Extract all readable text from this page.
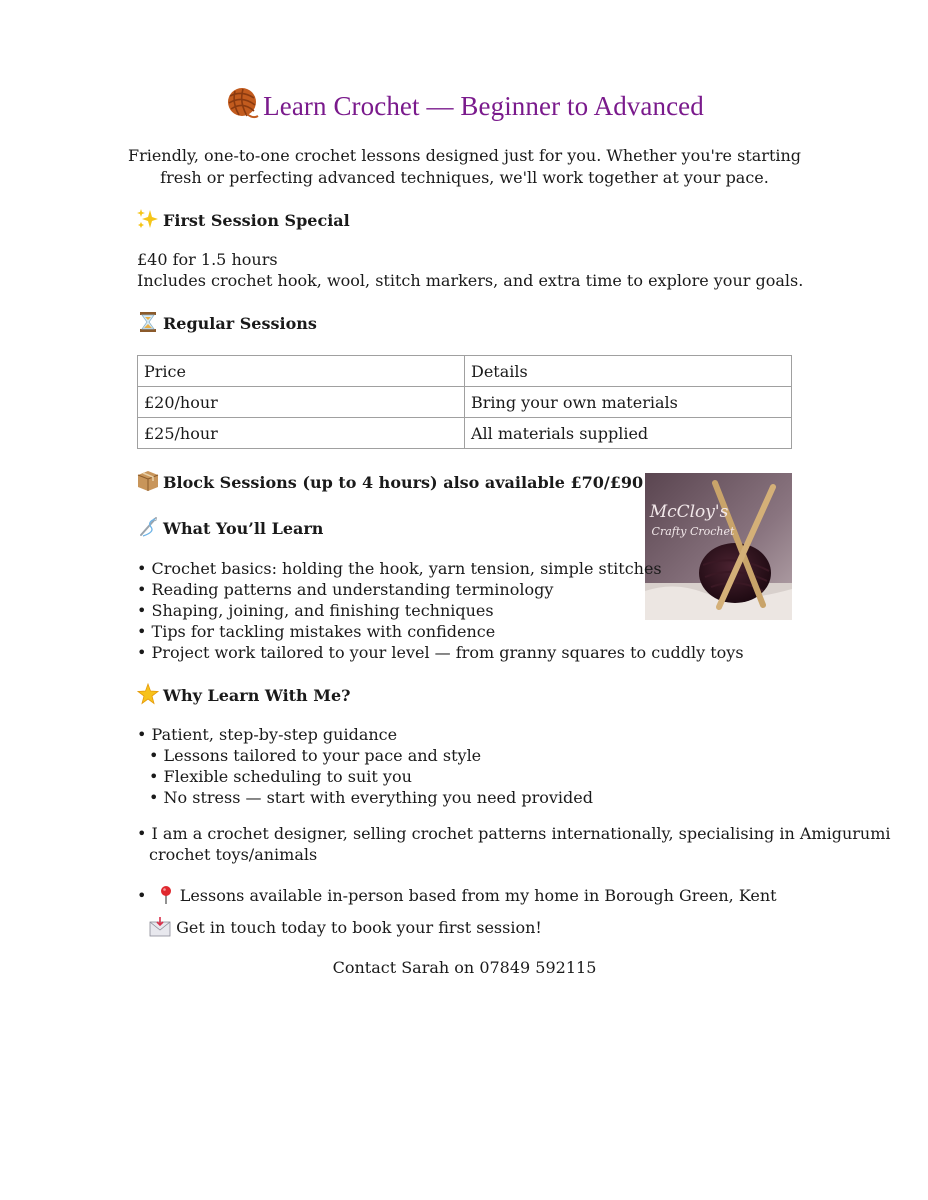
Learn Crochet — Beginner to Advanced
Friendly, one-to-one crochet lessons designed just for you. Whether you're starting fresh or perfecting advanced techniques, we'll work together at your pace.
First Session Special
£40 for 1.5 hours
Includes crochet hook, wool, stitch markers, and extra time to explore your goals.
Regular Sessions
Price	Details
£20/hour	Bring your own materials
£25/hour	All materials supplied
Block Sessions (up to 4 hours) also available £70/£90
McCloy's
Crafty Crochet
What You’ll Learn
• Crochet basics: holding the hook, yarn tension, simple stitches
• Reading patterns and understanding terminology
• Shaping, joining, and finishing techniques
• Tips for tackling mistakes with confidence
• Project work tailored to your level — from granny squares to cuddly toys
Why Learn With Me?
• Patient, step-by-step guidance
• Lessons tailored to your pace and style
• Flexible scheduling to suit you
• No stress — start with everything you need provided
• I am a crochet designer, selling crochet patterns internationally, specialising in Amigurumi
crochet toys/animals
•   Lessons available in-person based from my home in Borough Green, Kent
Get in touch today to book your first session!
Contact Sarah on 07849 592115
